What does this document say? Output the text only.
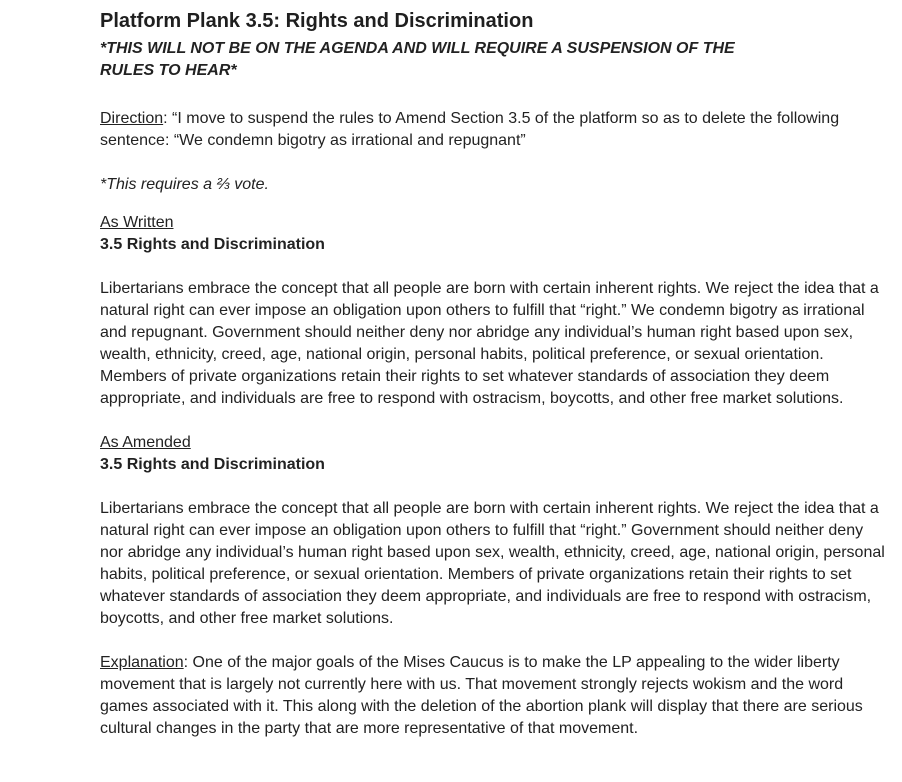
Platform Plank 3.5: Rights and Discrimination

*THIS WILL NOT BE ON THE AGENDA AND WILL REQUIRE A SUSPENSION OF THE RULES TO HEAR*

Direction: “I move to suspend the rules to Amend Section 3.5 of the platform so as to delete the following sentence: “We condemn bigotry as irrational and repugnant”

*This requires a ⅔ vote.

As Written

3.5 Rights and Discrimination

Libertarians embrace the concept that all people are born with certain inherent rights. We reject the idea that a natural right can ever impose an obligation upon others to fulfill that “right.” We condemn bigotry as irrational and repugnant. Government should neither deny nor abridge any individual’s human right based upon sex, wealth, ethnicity, creed, age, national origin, personal habits, political preference, or sexual orientation. Members of private organizations retain their rights to set whatever standards of association they deem appropriate, and individuals are free to respond with ostracism, boycotts, and other free market solutions.

As Amended

3.5 Rights and Discrimination

Libertarians embrace the concept that all people are born with certain inherent rights. We reject the idea that a natural right can ever impose an obligation upon others to fulfill that “right.” Government should neither deny nor abridge any individual’s human right based upon sex, wealth, ethnicity, creed, age, national origin, personal habits, political preference, or sexual orientation. Members of private organizations retain their rights to set whatever standards of association they deem appropriate, and individuals are free to respond with ostracism, boycotts, and other free market solutions.

Explanation: One of the major goals of the Mises Caucus is to make the LP appealing to the wider liberty movement that is largely not currently here with us. That movement strongly rejects wokism and the word games associated with it. This along with the deletion of the abortion plank will display that there are serious cultural changes in the party that are more representative of that movement.
